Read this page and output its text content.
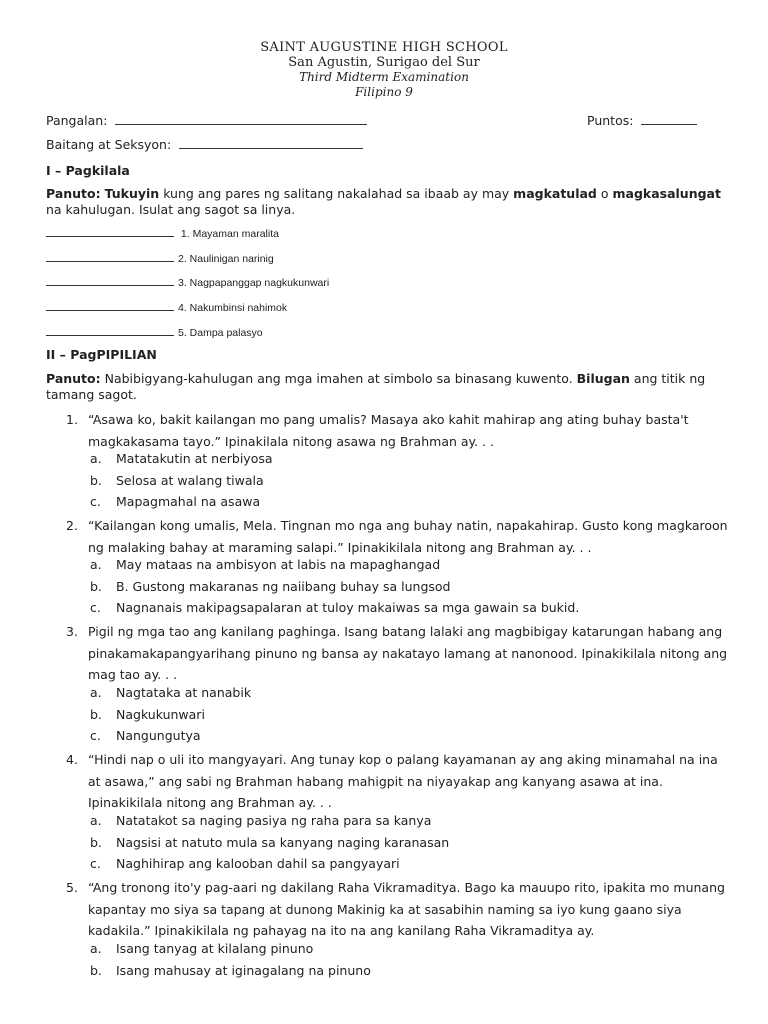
SAINT AUGUSTINE HIGH SCHOOL
San Agustin, Surigao del Sur
Third Midterm Examination
Filipino 9
Pangalan:	Puntos:
Baitang at Seksyon:
I – Pagkilala
Panuto: Tukuyin kung ang pares ng salitang nakalahad sa ibaab ay may magkatulad o magkasalungat na kahulugan. Isulat ang sagot sa linya.
1. Mayaman maralita
2. Naulinigan narinig
3. Nagpapanggap nagkukunwari
4. Nakumbinsi nahimok
5. Dampa palasyo
II – PagPIPILIAN
Panuto: Nabibigyang-kahulugan ang mga imahen at simbolo sa binasang kuwento. Bilugan ang titik ng tamang sagot.
1. “Asawa ko, bakit kailangan mo pang umalis? Masaya ako kahit mahirap ang ating buhay basta't magkakasama tayo.” Ipinakilala nitong asawa ng Brahman ay. . .
a. Matatakutin at nerbiyosa
b. Selosa at walang tiwala
c. Mapagmahal na asawa
2. “Kailangan kong umalis, Mela. Tingnan mo nga ang buhay natin, napakahirap. Gusto kong magkaroon ng malaking bahay at maraming salapi.” Ipinakikilala nitong ang Brahman ay. . .
a. May mataas na ambisyon at labis na mapaghangad
b. B. Gustong makaranas ng naiibang buhay sa lungsod
c. Nagnanais makipagsapalaran at tuloy makaiwas sa mga gawain sa bukid.
3. Pigil ng mga tao ang kanilang paghinga. Isang batang lalaki ang magbibigay katarungan habang ang pinakamakapangyarihang pinuno ng bansa ay nakatayo lamang at nanonood. Ipinakikilala nitong ang mag tao ay. . .
a. Nagtataka at nanabik
b. Nagkukunwari
c. Nangungutya
4. “Hindi nap o uli ito mangyayari. Ang tunay kop o palang kayamanan ay ang aking minamahal na ina at asawa,” ang sabi ng Brahman habang mahigpit na niyayakap ang kanyang asawa at ina. Ipinakikilala nitong ang Brahman ay. . .
a. Natatakot sa naging pasiya ng raha para sa kanya
b. Nagsisi at natuto mula sa kanyang naging karanasan
c. Naghihirap ang kalooban dahil sa pangyayari
5. “Ang tronong ito'y pag-aari ng dakilang Raha Vikramaditya. Bago ka mauupo rito, ipakita mo munang kapantay mo siya sa tapang at dunong Makinig ka at sasabihin naming sa iyo kung gaano siya kadakila.” Ipinakikilala ng pahayag na ito na ang kanilang Raha Vikramaditya ay.
a. Isang tanyag at kilalang pinuno
b. Isang mahusay at iginagalang na pinuno
